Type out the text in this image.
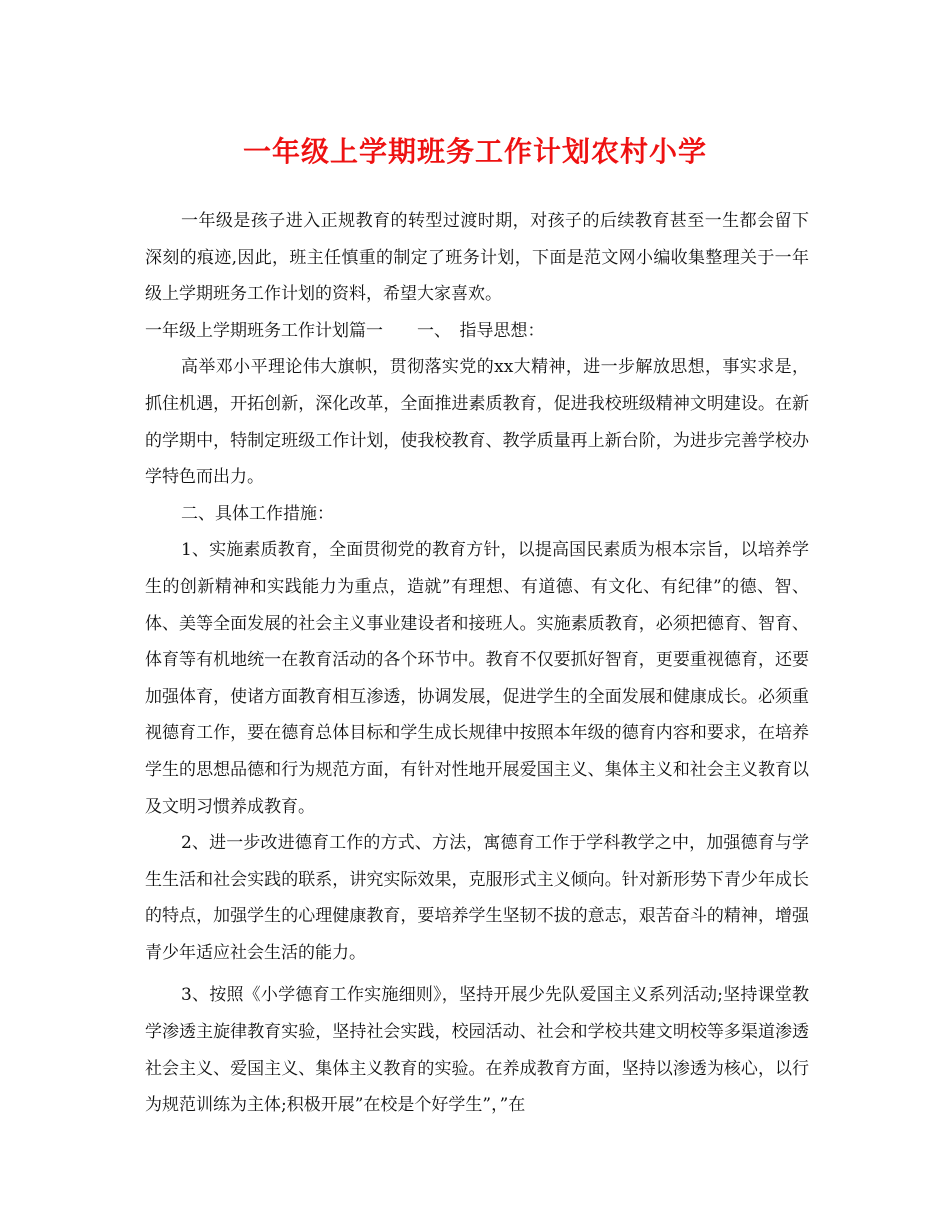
一年级上学期班务工作计划农村小学

一年级是孩子进入正规教育的转型过渡时期，对孩子的后续教育甚至一生都会留下深刻的痕迹,因此，班主任慎重的制定了班务计划，下面是范文网小编收集整理关于一年级上学期班务工作计划的资料，希望大家喜欢。

一年级上学期班务工作计划篇一　　一、　指导思想：

高举邓小平理论伟大旗帜，贯彻落实党的xx大精神，进一步解放思想，事实求是，抓住机遇，开拓创新，深化改革，全面推进素质教育，促进我校班级精神文明建设。在新的学期中，特制定班级工作计划，使我校教育、教学质量再上新台阶，为进步完善学校办学特色而出力。

二、具体工作措施：

1、实施素质教育，全面贯彻党的教育方针，以提高国民素质为根本宗旨，以培养学生的创新精神和实践能力为重点，造就”有理想、有道德、有文化、有纪律”的德、智、体、美等全面发展的社会主义事业建设者和接班人。实施素质教育，必须把德育、智育、体育等有机地统一在教育活动的各个环节中。教育不仅要抓好智育，更要重视德育，还要加强体育，使诸方面教育相互渗透，协调发展，促进学生的全面发展和健康成长。必须重视德育工作，要在德育总体目标和学生成长规律中按照本年级的德育内容和要求，在培养学生的思想品德和行为规范方面，有针对性地开展爱国主义、集体主义和社会主义教育以及文明习惯养成教育。

2、进一步改进德育工作的方式、方法，寓德育工作于学科教学之中，加强德育与学生生活和社会实践的联系，讲究实际效果，克服形式主义倾向。针对新形势下青少年成长的特点，加强学生的心理健康教育，要培养学生坚韧不拔的意志，艰苦奋斗的精神，增强青少年适应社会生活的能力。

3、按照《小学德育工作实施细则》，坚持开展少先队爱国主义系列活动;坚持课堂教学渗透主旋律教育实验，坚持社会实践，校园活动、社会和学校共建文明校等多渠道渗透社会主义、爱国主义、集体主义教育的实验。在养成教育方面，坚持以渗透为核心，以行为规范训练为主体;积极开展”在校是个好学生”，”在
